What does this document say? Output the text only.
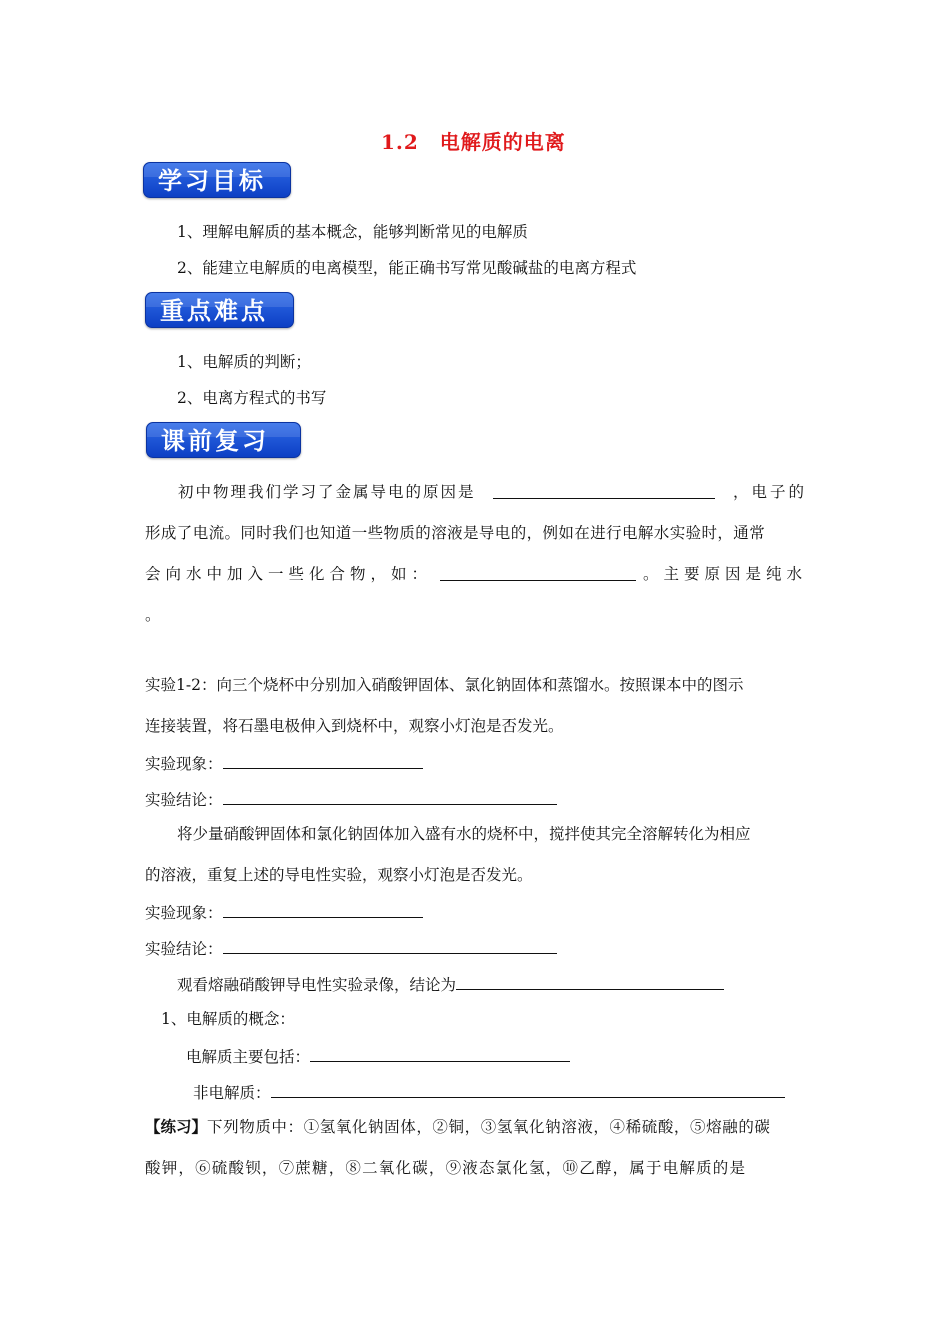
1.2　电解质的电离
学习目标
1、理解电解质的基本概念，能够判断常见的电解质
2、能建立电解质的电离模型，能正确书写常见酸碱盐的电离方程式
重点难点
1、电解质的判断；
2、电离方程式的书写
课前复习
初中物理我们学习了金属导电的原因是	，电子的
形成了电流。同时我们也知道一些物质的溶液是导电的，例如在进行电解水实验时，通常
会向水中加入一些化合物，如：	。主要原因是纯水
。
实验1-2：向三个烧杯中分别加入硝酸钾固体、氯化钠固体和蒸馏水。按照课本中的图示
连接装置，将石墨电极伸入到烧杯中，观察小灯泡是否发光。
实验现象：
实验结论：
将少量硝酸钾固体和氯化钠固体加入盛有水的烧杯中，搅拌使其完全溶解转化为相应
的溶液，重复上述的导电性实验，观察小灯泡是否发光。
实验现象：
实验结论：
观看熔融硝酸钾导电性实验录像，结论为
1、电解质的概念：
电解质主要包括：
非电解质：
【练习】下列物质中：①氢氧化钠固体，②铜，③氢氧化钠溶液，④稀硫酸，⑤熔融的碳
酸钾，⑥硫酸钡，⑦蔗糖，⑧二氧化碳，⑨液态氯化氢，⑩乙醇，属于电解质的是
